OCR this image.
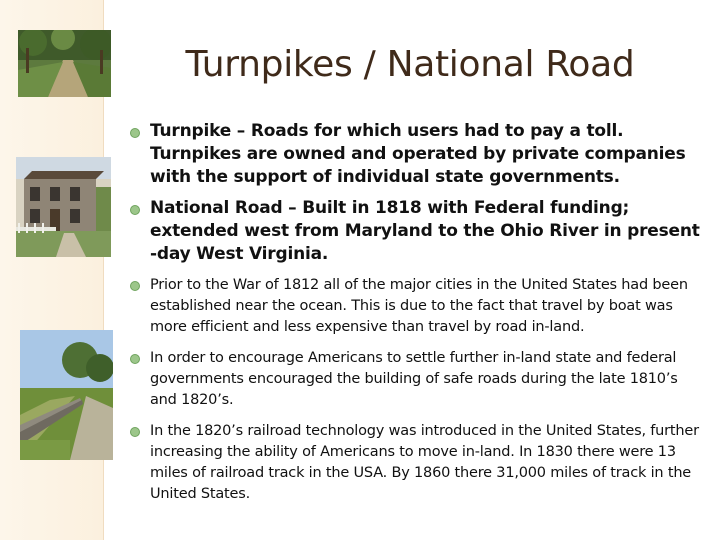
Turnpikes / National Road
Turnpike – Roads for which users had to pay a toll. Turnpikes are owned and operated by private companies with the support of individual state governments.
National Road – Built in 1818 with Federal funding; extended west from Maryland to the Ohio River in present -day West Virginia.
Prior to the War of 1812 all of the major cities in the United States had been established near the ocean. This is due to the fact that travel by boat was more efficient and less expensive than travel by road in-land.
In order to encourage Americans to settle further in-land state and federal governments encouraged the building of safe roads during the late 1810’s and 1820’s.
In the 1820’s railroad technology was introduced in the United States, further increasing the ability of Americans to move in-land. In 1830 there were 13 miles of railroad track in the USA. By 1860 there 31,000 miles of track in the United States.
